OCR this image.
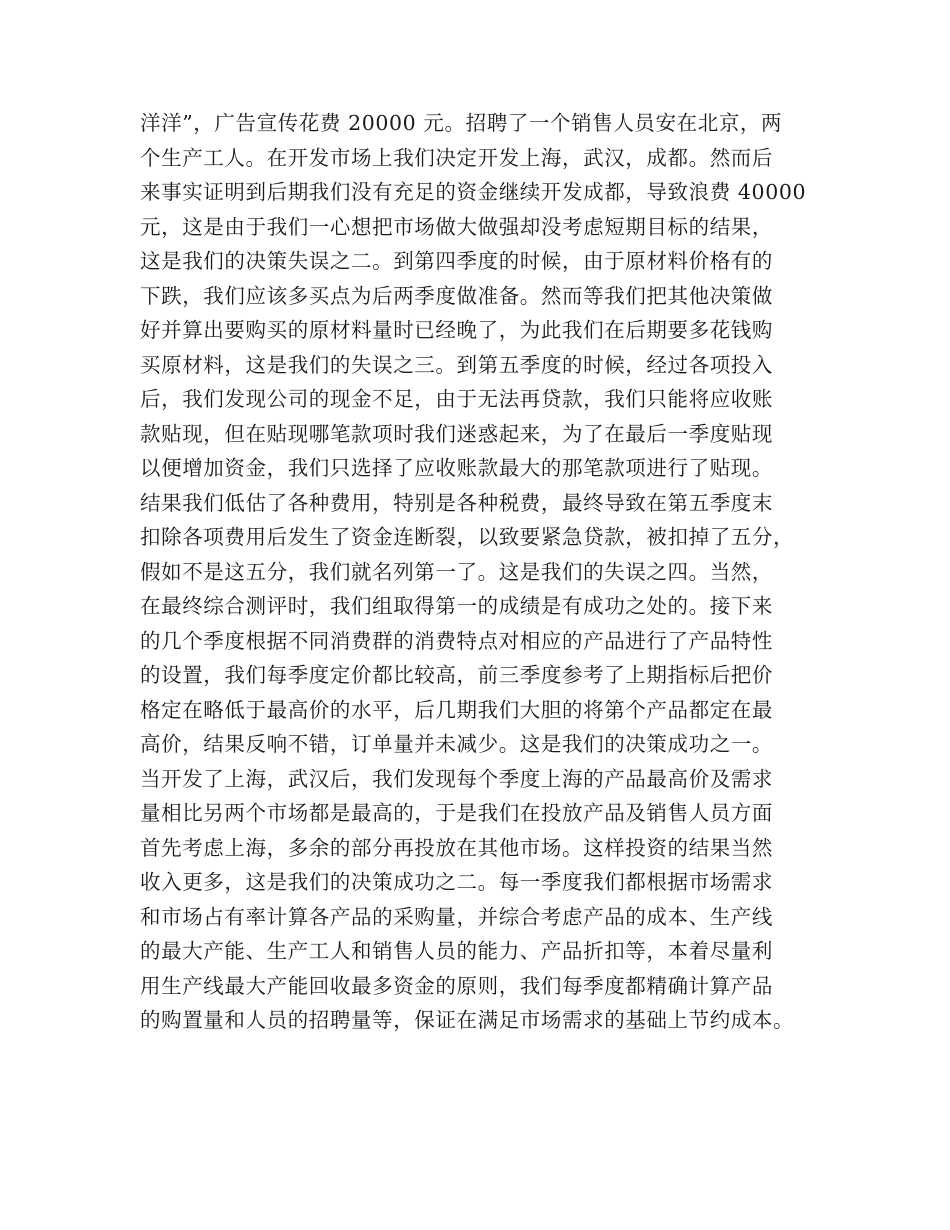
洋洋”，广告宣传花费 20000 元。招聘了一个销售人员安在北京，两
个生产工人。在开发市场上我们决定开发上海，武汉，成都。然而后
来事实证明到后期我们没有充足的资金继续开发成都，导致浪费 40000
元，这是由于我们一心想把市场做大做强却没考虑短期目标的结果，
这是我们的决策失误之二。到第四季度的时候，由于原材料价格有的
下跌，我们应该多买点为后两季度做准备。然而等我们把其他决策做
好并算出要购买的原材料量时已经晚了，为此我们在后期要多花钱购
买原材料，这是我们的失误之三。到第五季度的时候，经过各项投入
后，我们发现公司的现金不足，由于无法再贷款，我们只能将应收账
款贴现，但在贴现哪笔款项时我们迷惑起来，为了在最后一季度贴现
以便增加资金，我们只选择了应收账款最大的那笔款项进行了贴现。
结果我们低估了各种费用，特别是各种税费，最终导致在第五季度末
扣除各项费用后发生了资金连断裂，以致要紧急贷款，被扣掉了五分，
假如不是这五分，我们就名列第一了。这是我们的失误之四。当然，
在最终综合测评时，我们组取得第一的成绩是有成功之处的。接下来
的几个季度根据不同消费群的消费特点对相应的产品进行了产品特性
的设置，我们每季度定价都比较高，前三季度参考了上期指标后把价
格定在略低于最高价的水平，后几期我们大胆的将第个产品都定在最
高价，结果反响不错，订单量并未减少。这是我们的决策成功之一。
当开发了上海，武汉后，我们发现每个季度上海的产品最高价及需求
量相比另两个市场都是最高的，于是我们在投放产品及销售人员方面
首先考虑上海，多余的部分再投放在其他市场。这样投资的结果当然
收入更多，这是我们的决策成功之二。每一季度我们都根据市场需求
和市场占有率计算各产品的采购量，并综合考虑产品的成本、生产线
的最大产能、生产工人和销售人员的能力、产品折扣等，本着尽量利
用生产线最大产能回收最多资金的原则，我们每季度都精确计算产品
的购置量和人员的招聘量等，保证在满足市场需求的基础上节约成本。
